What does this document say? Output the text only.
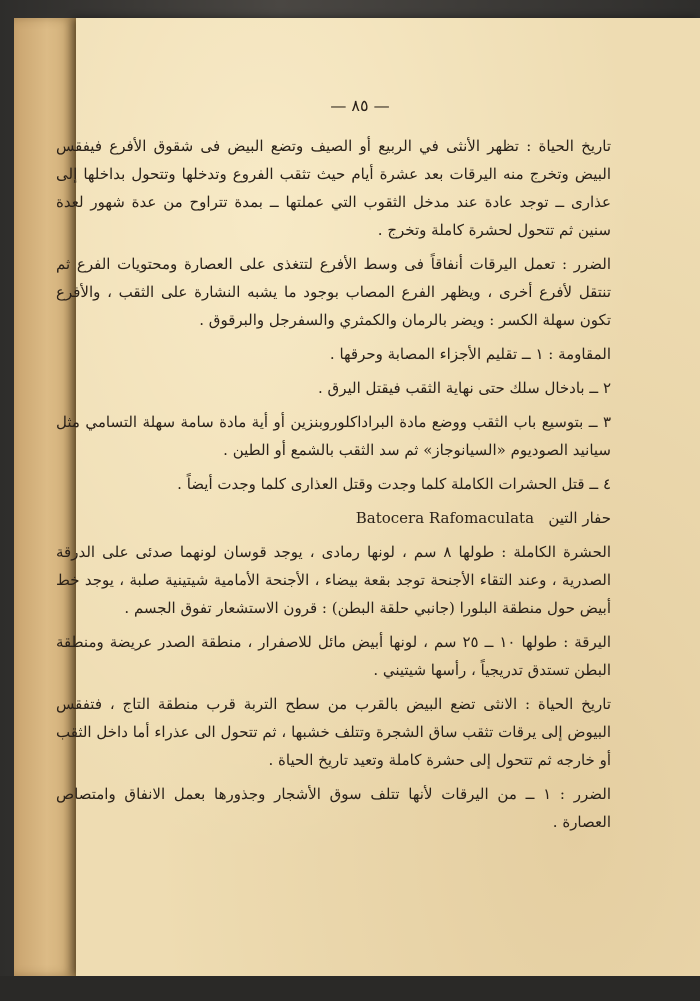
— ٨٥ —

تاريخ الحياة : تظهر الأنثى في الربيع أو الصيف وتضع البيض فى شقوق الأفرع فيفقس البيض وتخرج منه اليرقات بعد عشرة أيام حيث تثقب الفروع وتدخلها وتتحول بداخلها إلى عذارى ــ توجد عادة عند مدخل الثقوب التي عملتها ــ بمدة تتراوح من عدة شهور لعدة سنين ثم تتحول لحشرة كاملة وتخرج .

الضرر : تعمل اليرقات أنفاقاً فى وسط الأفرع لتتغذى على العصارة ومحتويات الفرع ثم تنتقل لأفرع أخرى ، ويظهر الفرع المصاب بوجود ما يشبه النشارة على الثقب ، والأفرع تكون سهلة الكسر : ويضر بالرمان والكمثري والسفرجل والبرقوق .

المقاومة : ١ ــ تقليم الأجزاء المصابة وحرقها .

٢ ــ بادخال سلك حتى نهاية الثقب فيقتل اليرق .

٣ ــ بتوسيع باب الثقب ووضع مادة البراداكلوروبنزين أو أية مادة سامة سهلة التسامي مثل سيانيد الصوديوم «السيانوجاز» ثم سد الثقب بالشمع أو الطين .

٤ ــ قتل الحشرات الكاملة كلما وجدت وقتل العذارى كلما وجدت أيضاً .

حفار التين   Batocera Rafomaculata

الحشرة الكاملة : طولها ٨ سم ، لونها رمادى ، يوجد قوسان لونهما صدئى على الدرقة الصدرية ، وعند التقاء الأجنحة توجد بقعة بيضاء ، الأجنحة الأمامية شيتينية صلبة ، يوجد خط أبيض حول منطقة البلورا (جانبي حلقة البطن) : قرون الاستشعار تفوق الجسم .

اليرقة : طولها ١٠ ــ ٢٥ سم ، لونها أبيض مائل للاصفرار ، منطقة الصدر عريضة ومنطقة البطن تستدق تدريجياً ، رأسها شيتيني .

تاريخ الحياة : الانثى تضع البيض بالقرب من سطح التربة قرب منطقة التاج ، فتفقس البيوض إلى يرقات تثقب ساق الشجرة وتتلف خشبها ، ثم تتحول الى عذراء أما داخل الثقب أو خارجه ثم تتحول إلى حشرة كاملة وتعيد تاريخ الحياة .

الضرر : ١ ــ من اليرقات لأنها تتلف سوق الأشجار وجذورها بعمل الانفاق وامتصاص العصارة .
